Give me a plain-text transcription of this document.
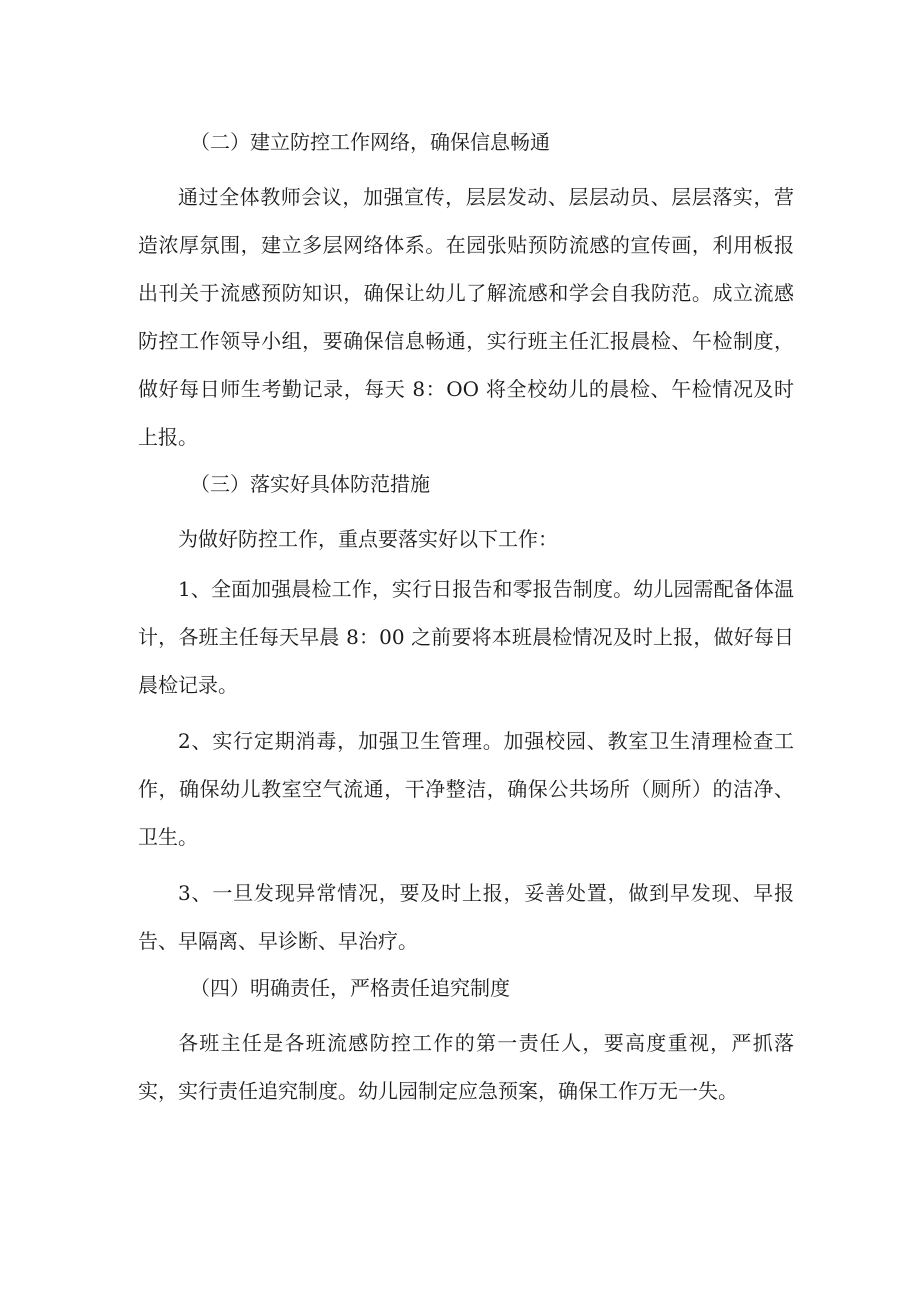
（二）建立防控工作网络，确保信息畅通

通过全体教师会议，加强宣传，层层发动、层层动员、层层落实，营造浓厚氛围，建立多层网络体系。在园张贴预防流感的宣传画，利用板报出刊关于流感预防知识，确保让幼儿了解流感和学会自我防范。成立流感防控工作领导小组，要确保信息畅通，实行班主任汇报晨检、午检制度，做好每日师生考勤记录，每天 8：OO 将全校幼儿的晨检、午检情况及时上报。

（三）落实好具体防范措施

为做好防控工作，重点要落实好以下工作：

1、全面加强晨检工作，实行日报告和零报告制度。幼儿园需配备体温计，各班主任每天早晨 8：00 之前要将本班晨检情况及时上报，做好每日晨检记录。

2、实行定期消毒，加强卫生管理。加强校园、教室卫生清理检查工作，确保幼儿教室空气流通，干净整洁，确保公共场所（厕所）的洁净、卫生。

3、一旦发现异常情况，要及时上报，妥善处置，做到早发现、早报告、早隔离、早诊断、早治疗。

（四）明确责任，严格责任追究制度

各班主任是各班流感防控工作的第一责任人，要高度重视，严抓落实，实行责任追究制度。幼儿园制定应急预案，确保工作万无一失。
